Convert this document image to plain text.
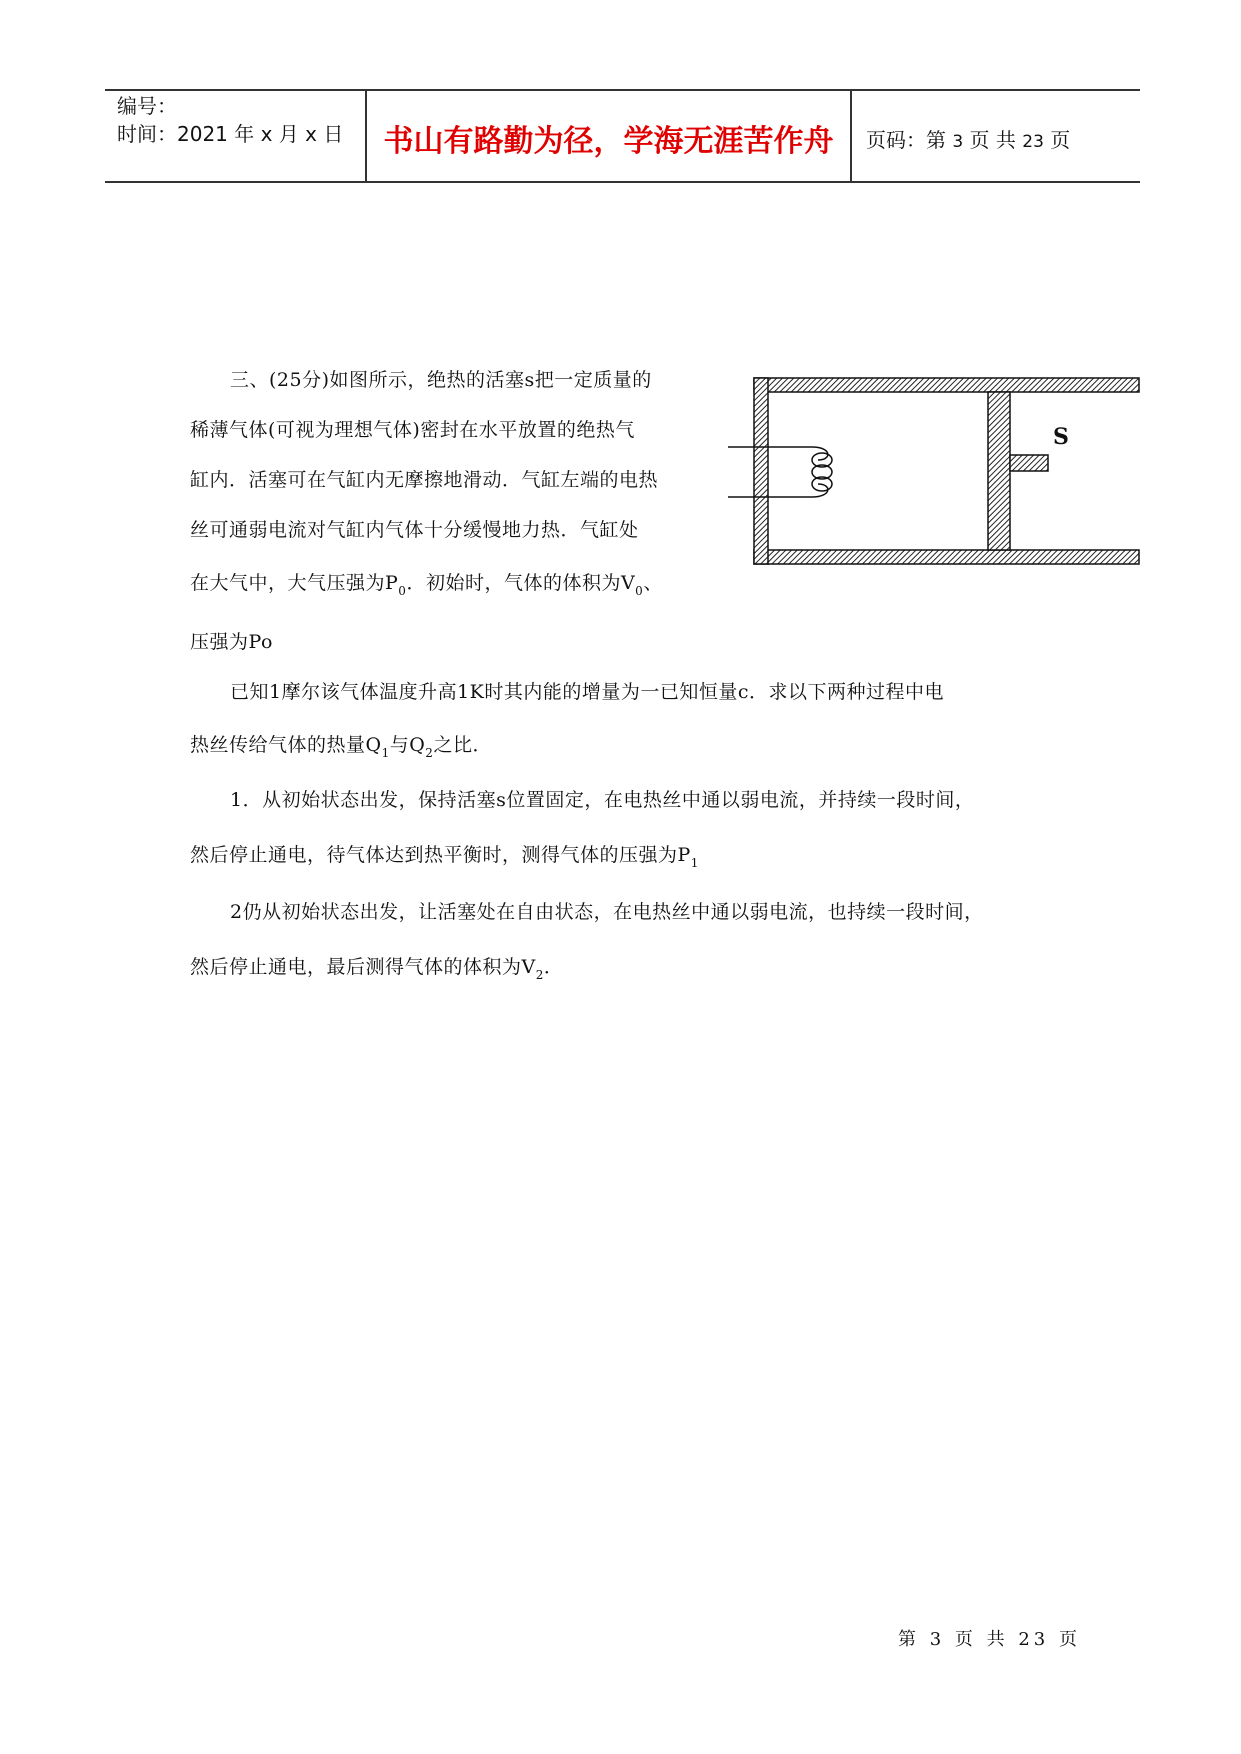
编号：
时间：2021 年 x 月 x 日	书山有路勤为径，学海无涯苦作舟	页码：第 3 页 共 23 页
三、(25分)如图所示，绝热的活塞s把一定质量的
稀薄气体(可视为理想气体)密封在水平放置的绝热气
缸内．活塞可在气缸内无摩擦地滑动．气缸左端的电热
丝可通弱电流对气缸内气体十分缓慢地力热．气缸处
在大气中，大气压强为$P_0$．初始时，气体的体积为$V_0$、
压强为Po
已知1摩尔该气体温度升高1K时其内能的增量为一已知恒量c．求以下两种过程中电
热丝传给气体的热量$Q_1$与$Q_2$之比．
1．从初始状态出发，保持活塞s位置固定，在电热丝中通以弱电流，并持续一段时间，
然后停止通电，待气体达到热平衡时，测得气体的压强为$P_1$
2仍从初始状态出发，让活塞处在自由状态，在电热丝中通以弱电流，也持续一段时间，
然后停止通电，最后测得气体的体积为$V_2$．
S
第 3 页 共 23 页
